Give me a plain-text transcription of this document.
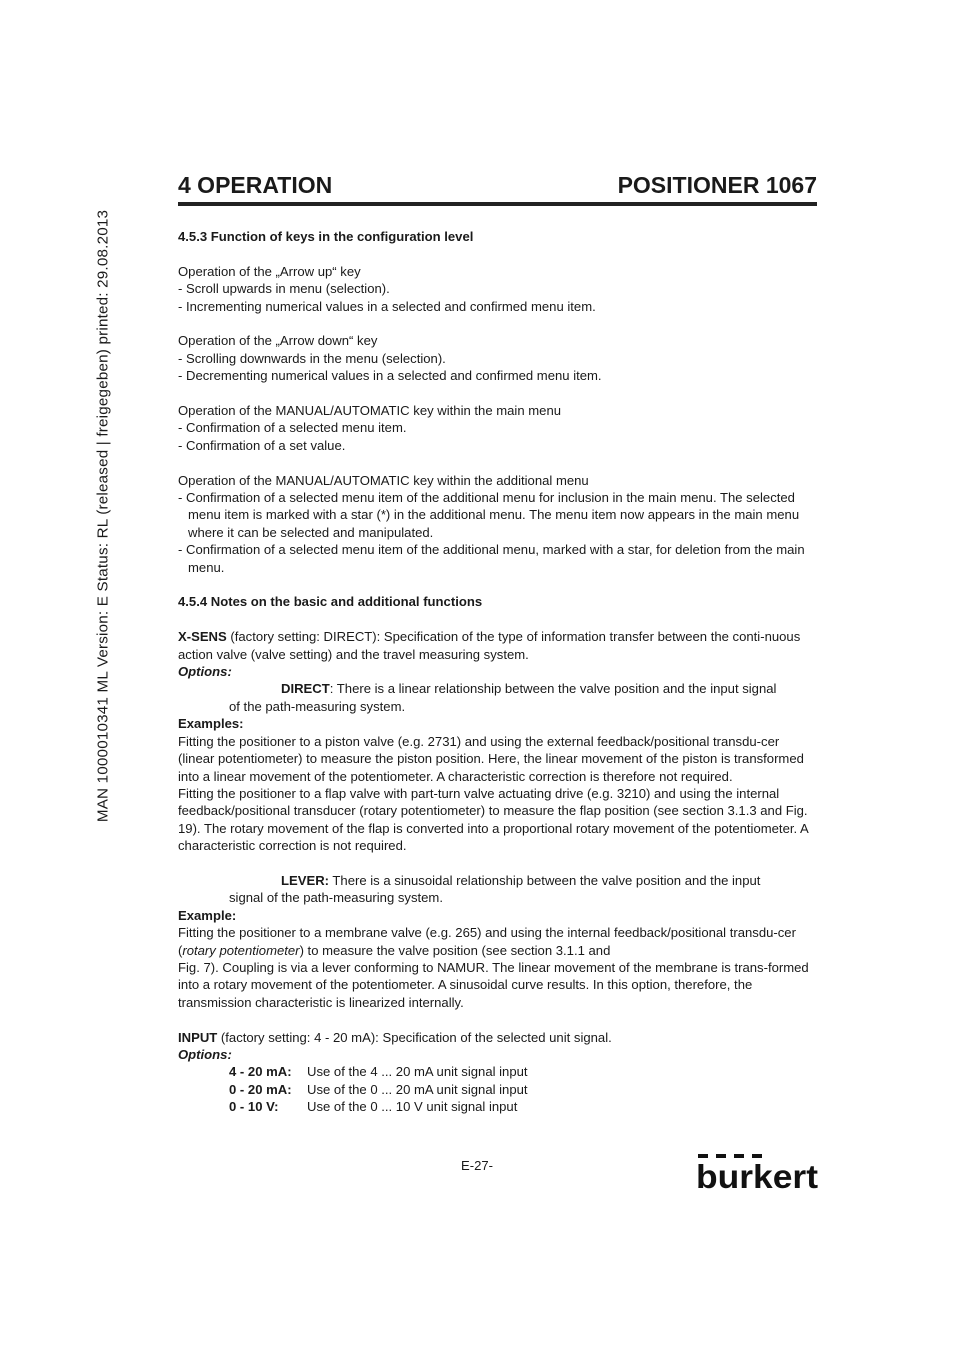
MAN 1000010341 ML Version: E Status: RL (released | freigegeben) printed: 29.08.2013
4 OPERATION	POSITIONER 1067

4.5.3 Function of keys in the configuration level

Operation of the „Arrow up“ key

- Scroll upwards in menu (selection).

- Incrementing numerical values in a selected and confirmed menu item.

Operation of the „Arrow down“ key

- Scrolling downwards in the menu (selection).

- Decrementing numerical values in a selected and confirmed menu item.

Operation of the MANUAL/AUTOMATIC key within the main menu

- Confirmation of a selected menu item.

- Confirmation of a set value.

Operation of the MANUAL/AUTOMATIC key within the additional menu

- Confirmation of a selected menu item of the additional menu for inclusion in the main menu. The selected menu item is marked with a star (*) in the additional menu. The menu item now appears in the main menu where it can be selected and manipulated.

- Confirmation of a selected menu item of the additional menu, marked with a star, for deletion from the main menu.

4.5.4 Notes on the basic and additional functions

X-SENS (factory setting: DIRECT): Specification of the type of information transfer between the conti-nuous action valve (valve setting) and the travel measuring system.

Options:

DIRECT: There is a linear relationship between the valve position and the input signal

of the path-measuring system.

Examples:

Fitting the positioner to a piston valve (e.g. 2731) and using the external feedback/positional transdu-cer (linear potentiometer) to measure the piston position. Here, the linear movement of the piston is transformed into a linear movement of the potentiometer. A characteristic correction is therefore not required.

Fitting the positioner to a flap valve with part-turn valve actuating drive (e.g. 3210) and using the internal feedback/positional transducer (rotary potentiometer) to measure the flap position (see section 3.1.3 and Fig. 19). The rotary movement of the flap is converted into a proportional rotary movement of the potentiometer. A characteristic correction is not required.

LEVER: There is a sinusoidal relationship between the valve position and the input

signal of the path-measuring system.

Example:

Fitting the positioner to a membrane valve (e.g. 265) and using the internal feedback/positional transdu-cer (rotary potentiometer) to measure the valve position (see section 3.1.1 and

Fig. 7). Coupling is via a lever conforming to NAMUR. The linear movement of the membrane is trans-formed into a rotary movement of the potentiometer. A sinusoidal curve results. In this option, therefore, the transmission characteristic is linearized internally.

INPUT (factory setting: 4 - 20 mA): Specification of the selected unit signal.

Options:

4 - 20 mA:	Use of the 4 ... 20 mA unit signal input
0 - 20 mA:	Use of the 0 ... 20 mA unit signal input
0 - 10 V:	Use of the 0 ... 10 V unit signal input
E-27-	burkert
